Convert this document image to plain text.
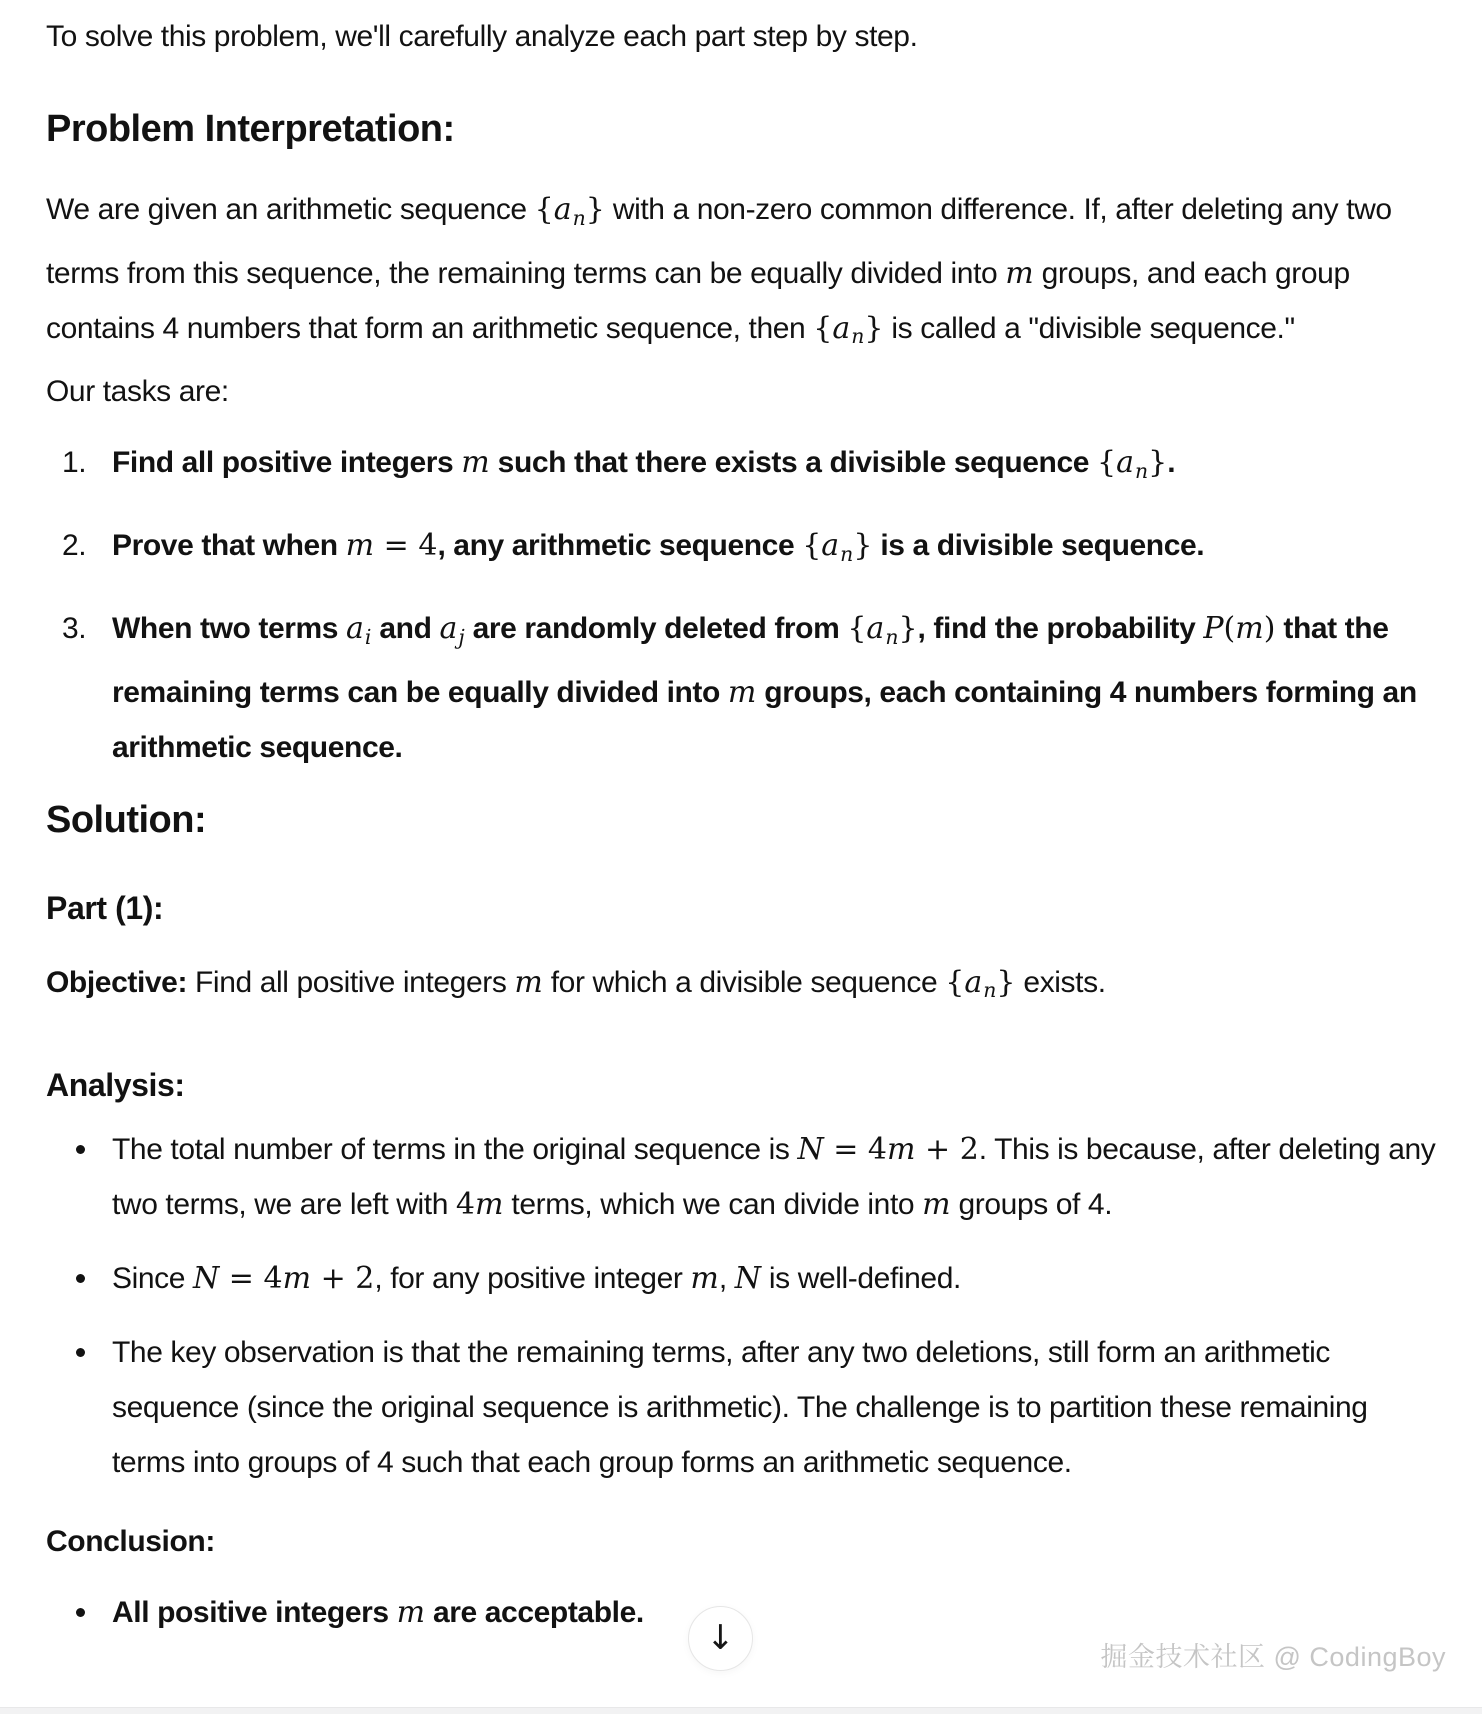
To solve this problem, we'll carefully analyze each part step by step.

Problem Interpretation:

We are given an arithmetic sequence {an} with a non-zero common difference. If, after deleting any two terms from this sequence, the remaining terms can be equally divided into m groups, and each group contains 4 numbers that form an arithmetic sequence, then {an} is called a "divisible sequence."

Our tasks are:

Find all positive integers m such that there exists a divisible sequence {an}.
Prove that when m = 4, any arithmetic sequence {an} is a divisible sequence.
When two terms ai and aj are randomly deleted from {an}, find the probability P(m) that the remaining terms can be equally divided into m groups, each containing 4 numbers forming an arithmetic sequence.
Solution:
Part (1):

Objective: Find all positive integers m for which a divisible sequence {an} exists.

Analysis:
The total number of terms in the original sequence is N = 4m + 2. This is because, after deleting any two terms, we are left with 4m terms, which we can divide into m groups of 4.
Since N = 4m + 2, for any positive integer m, N is well-defined.
The key observation is that the remaining terms, after any two deletions, still form an arithmetic sequence (since the original sequence is arithmetic). The challenge is to partition these remaining terms into groups of 4 such that each group forms an arithmetic sequence.

Conclusion:

All positive integers m are acceptable.
↓	掘金技术社区 @ CodingBoy
